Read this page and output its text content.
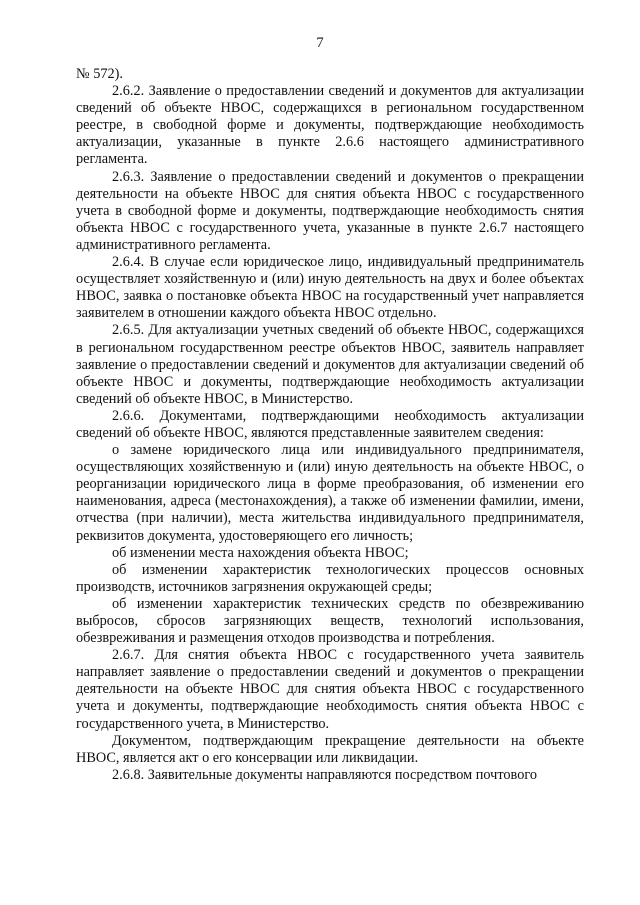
7

№ 572).

2.6.2. Заявление о предоставлении сведений и документов для актуализации сведений об объекте НВОС, содержащихся в региональном государственном реестре, в свободной форме и документы, подтверждающие необходимость актуализации, указанные в пункте 2.6.6 настоящего административного регламента.

2.6.3. Заявление о предоставлении сведений и документов о прекращении деятельности на объекте НВОС для снятия объекта НВОС с государственного учета в свободной форме и документы, подтверждающие необходимость снятия объекта НВОС с государственного учета, указанные в пункте 2.6.7 настоящего административного регламента.

2.6.4. В случае если юридическое лицо, индивидуальный предприниматель осуществляет хозяйственную и (или) иную деятельность на двух и более объектах НВОС, заявка о постановке объекта НВОС на государственный учет направляется заявителем в отношении каждого объекта НВОС отдельно.

2.6.5. Для актуализации учетных сведений об объекте НВОС, содержащихся в региональном государственном реестре объектов НВОС, заявитель направляет заявление о предоставлении сведений и документов для актуализации сведений об объекте НВОС и документы, подтверждающие необходимость актуализации сведений об объекте НВОС, в Министерство.

2.6.6. Документами, подтверждающими необходимость актуализации сведений об объекте НВОС, являются представленные заявителем сведения:

о замене юридического лица или индивидуального предпринимателя, осуществляющих хозяйственную и (или) иную деятельность на объекте НВОС, о реорганизации юридического лица в форме преобразования, об изменении его наименования, адреса (местонахождения), а также об изменении фамилии, имени, отчества (при наличии), места жительства индивидуального предпринимателя, реквизитов документа, удостоверяющего его личность;

об изменении места нахождения объекта НВОС;

об изменении характеристик технологических процессов основных производств, источников загрязнения окружающей среды;

об изменении характеристик технических средств по обезвреживанию выбросов, сбросов загрязняющих веществ, технологий использования, обезвреживания и размещения отходов производства и потребления.

2.6.7. Для снятия объекта НВОС с государственного учета заявитель направляет заявление о предоставлении сведений и документов о прекращении деятельности на объекте НВОС для снятия объекта НВОС с государственного учета и документы, подтверждающие необходимость снятия объекта НВОС с государственного учета, в Министерство.

Документом, подтверждающим прекращение деятельности на объекте НВОС, является акт о его консервации или ликвидации.

2.6.8. Заявительные документы направляются посредством почтового
